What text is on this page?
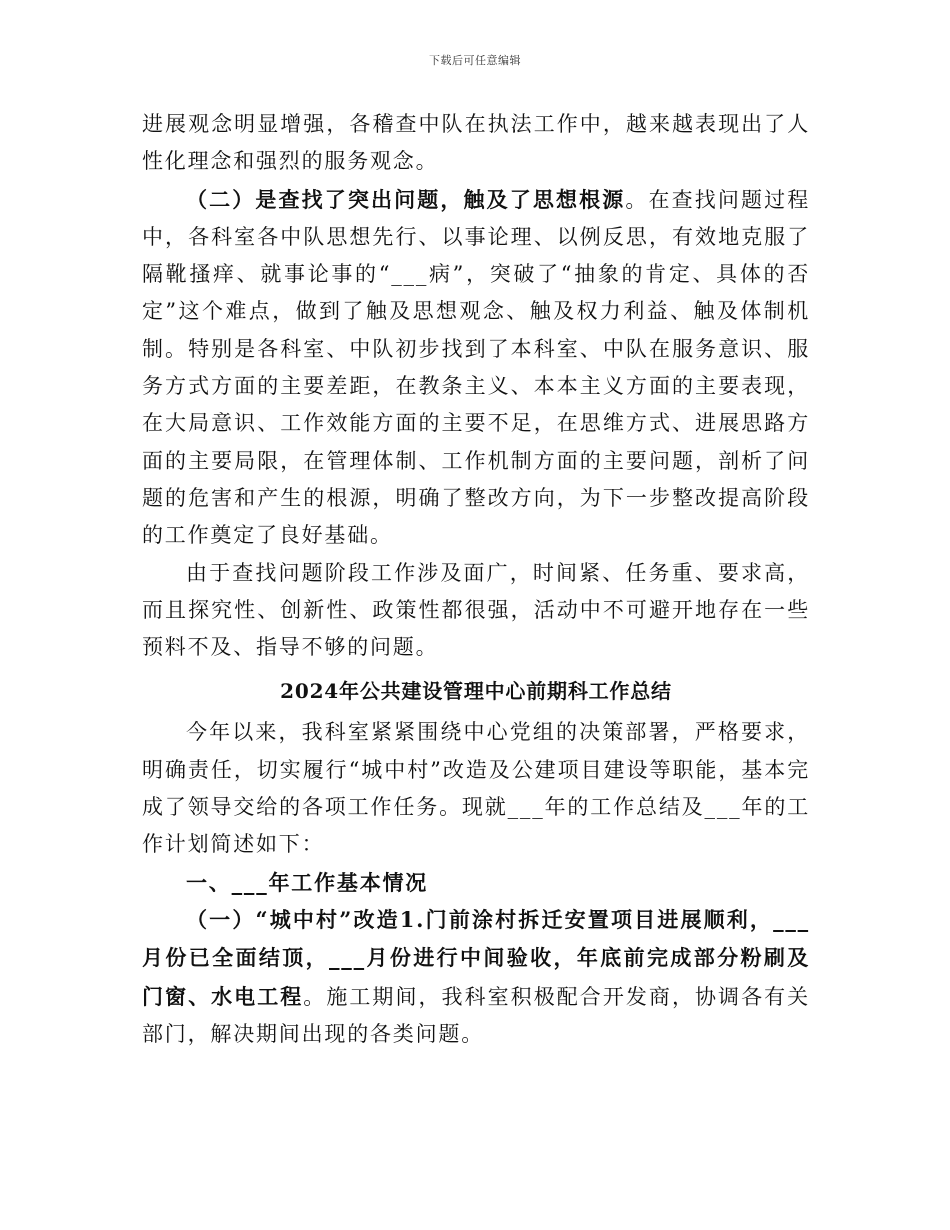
下载后可任意编辑

进展观念明显增强，各稽查中队在执法工作中，越来越表现出了人性化理念和强烈的服务观念。

（二）是查找了突出问题，触及了思想根源。在查找问题过程中，各科室各中队思想先行、以事论理、以例反思，有效地克服了隔靴搔痒、就事论事的“___病”，突破了“抽象的肯定、具体的否定”这个难点，做到了触及思想观念、触及权力利益、触及体制机制。特别是各科室、中队初步找到了本科室、中队在服务意识、服务方式方面的主要差距，在教条主义、本本主义方面的主要表现，在大局意识、工作效能方面的主要不足，在思维方式、进展思路方面的主要局限，在管理体制、工作机制方面的主要问题，剖析了问题的危害和产生的根源，明确了整改方向，为下一步整改提高阶段的工作奠定了良好基础。

由于查找问题阶段工作涉及面广，时间紧、任务重、要求高，而且探究性、创新性、政策性都很强，活动中不可避开地存在一些预料不及、指导不够的问题。

2024年公共建设管理中心前期科工作总结

今年以来，我科室紧紧围绕中心党组的决策部署，严格要求，明确责任，切实履行“城中村”改造及公建项目建设等职能，基本完成了领导交给的各项工作任务。现就___年的工作总结及___年的工作计划简述如下：

一、___年工作基本情况

（一）“城中村”改造1.门前涂村拆迁安置项目进展顺利，___月份已全面结顶，___月份进行中间验收，年底前完成部分粉刷及门窗、水电工程。施工期间，我科室积极配合开发商，协调各有关部门，解决期间出现的各类问题。
